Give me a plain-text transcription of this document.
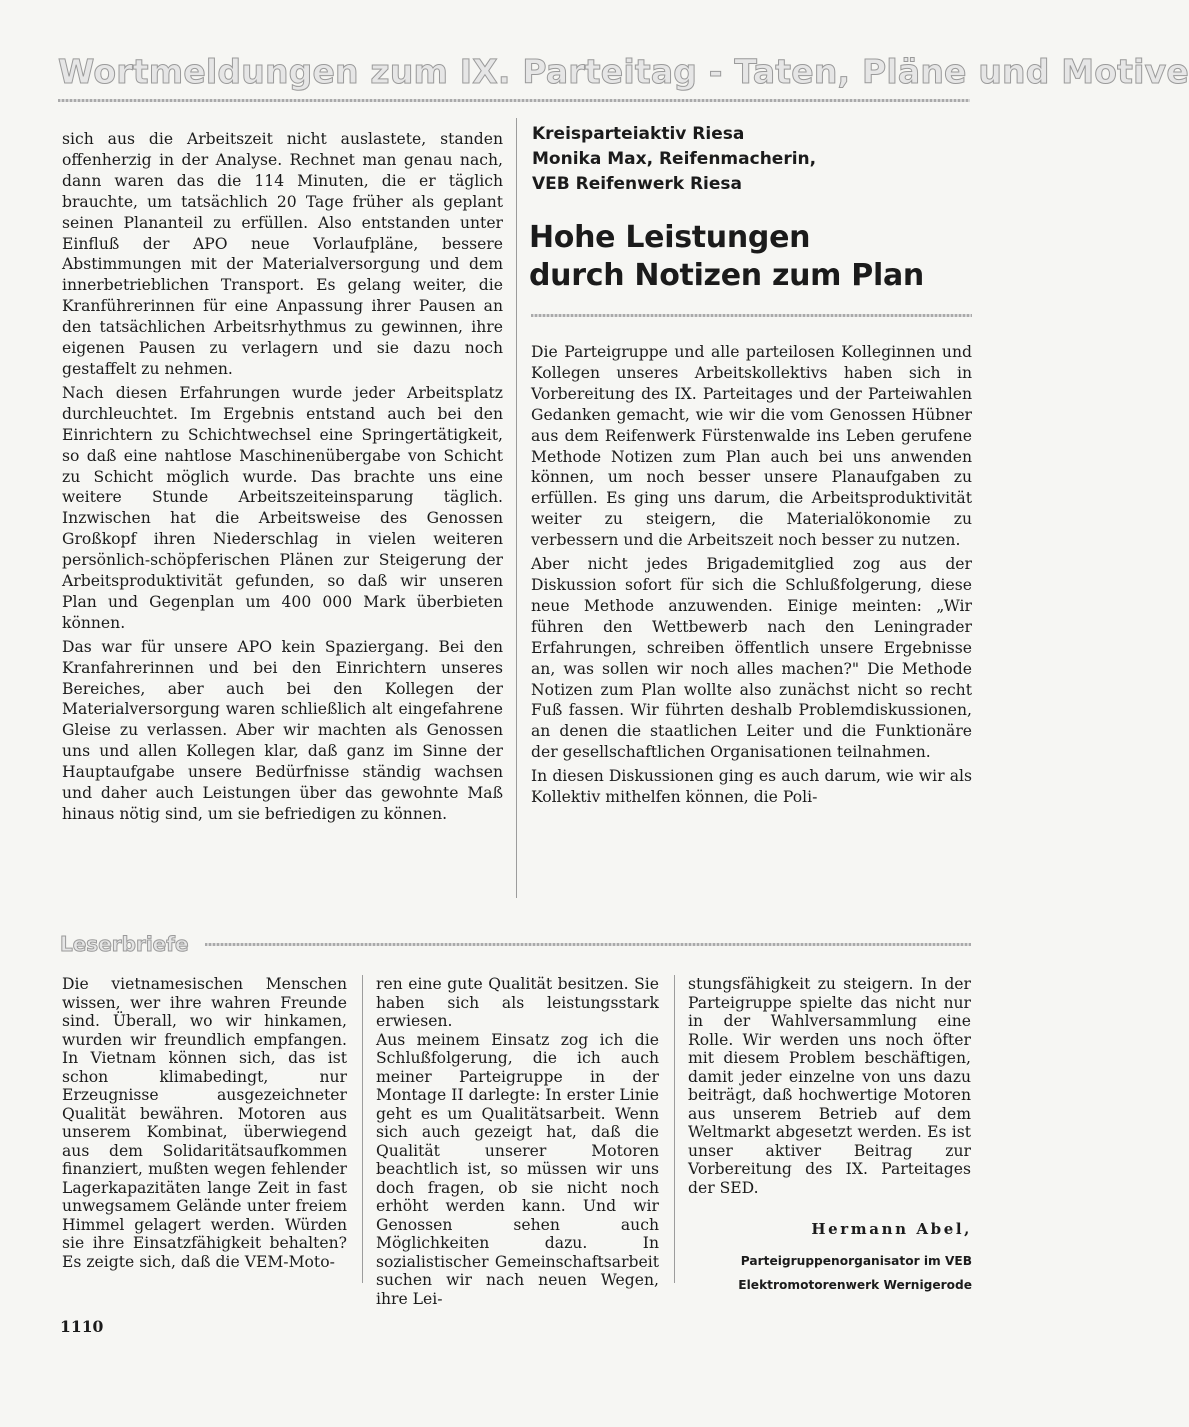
Wortmeldungen zum IX. Parteitag - Taten, Pläne und Motive

sich aus die Arbeitszeit nicht auslastete, standen offenherzig in der Analyse. Rechnet man genau nach, dann waren das die 114 Minuten, die er täglich brauchte, um tatsächlich 20 Tage früher als geplant seinen Plananteil zu erfüllen. Also entstanden unter Einfluß der APO neue Vorlaufpläne, bessere Abstimmungen mit der Materialversorgung und dem innerbetrieblichen Transport. Es gelang weiter, die Kranführerinnen für eine Anpassung ihrer Pausen an den tatsächlichen Arbeitsrhythmus zu gewinnen, ihre eigenen Pausen zu verlagern und sie dazu noch gestaffelt zu nehmen.

Nach diesen Erfahrungen wurde jeder Arbeitsplatz durchleuchtet. Im Ergebnis entstand auch bei den Einrichtern zu Schichtwechsel eine Springertätigkeit, so daß eine nahtlose Maschinenübergabe von Schicht zu Schicht möglich wurde. Das brachte uns eine weitere Stunde Arbeitszeiteinsparung täglich. Inzwischen hat die Arbeitsweise des Genossen Großkopf ihren Niederschlag in vielen weiteren persönlich-schöpferischen Plänen zur Steigerung der Arbeitsproduktivität gefunden, so daß wir unseren Plan und Gegenplan um 400 000 Mark überbieten können.

Das war für unsere APO kein Spaziergang. Bei den Kranfahrerinnen und bei den Einrichtern unseres Bereiches, aber auch bei den Kollegen der Materialversorgung waren schließlich alt eingefahrene Gleise zu verlassen. Aber wir machten als Genossen uns und allen Kollegen klar, daß ganz im Sinne der Hauptaufgabe unsere Bedürfnisse ständig wachsen und daher auch Leistungen über das gewohnte Maß hinaus nötig sind, um sie befriedigen zu können.

Kreisparteiaktiv Riesa
Monika Max, Reifenmacherin,
VEB Reifenwerk Riesa
Hohe Leistungen
durch Notizen zum Plan

Die Parteigruppe und alle parteilosen Kolleginnen und Kollegen unseres Arbeitskollektivs haben sich in Vorbereitung des IX. Parteitages und der Parteiwahlen Gedanken gemacht, wie wir die vom Genossen Hübner aus dem Reifenwerk Fürstenwalde ins Leben gerufene Methode Notizen zum Plan auch bei uns anwenden können, um noch besser unsere Planaufgaben zu erfüllen. Es ging uns darum, die Arbeitsproduktivität weiter zu steigern, die Materialökonomie zu verbessern und die Arbeitszeit noch besser zu nutzen.

Aber nicht jedes Brigademitglied zog aus der Diskussion sofort für sich die Schlußfolgerung, diese neue Methode anzuwenden. Einige meinten: „Wir führen den Wettbewerb nach den Leningrader Erfahrungen, schreiben öffentlich unsere Ergebnisse an, was sollen wir noch alles machen?" Die Methode Notizen zum Plan wollte also zunächst nicht so recht Fuß fassen. Wir führten deshalb Problemdiskussionen, an denen die staatlichen Leiter und die Funktionäre der gesellschaftlichen Organisationen teilnahmen.

In diesen Diskussionen ging es auch darum, wie wir als Kollektiv mithelfen können, die Poli-

Leserbriefe

Die vietnamesischen Menschen wissen, wer ihre wahren Freunde sind. Überall, wo wir hinkamen, wurden wir freundlich empfangen. In Vietnam können sich, das ist schon klimabedingt, nur Erzeugnisse ausgezeichneter Qualität bewähren. Motoren aus unserem Kombinat, überwiegend aus dem Solidaritätsaufkommen finanziert, mußten wegen fehlender Lagerkapazitäten lange Zeit in fast unwegsamem Gelände unter freiem Himmel gelagert werden. Würden sie ihre Einsatzfähigkeit behalten? Es zeigte sich, daß die VEM-Moto-

ren eine gute Qualität besitzen. Sie haben sich als leistungsstark erwiesen.

Aus meinem Einsatz zog ich die Schlußfolgerung, die ich auch meiner Parteigruppe in der Montage II darlegte: In erster Linie geht es um Qualitätsarbeit. Wenn sich auch gezeigt hat, daß die Qualität unserer Motoren beachtlich ist, so müssen wir uns doch fragen, ob sie nicht noch erhöht werden kann. Und wir Genossen sehen auch Möglichkeiten dazu. In sozialistischer Gemeinschaftsarbeit suchen wir nach neuen Wegen, ihre Lei-

stungsfähigkeit zu steigern. In der Parteigruppe spielte das nicht nur in der Wahlversammlung eine Rolle. Wir werden uns noch öfter mit diesem Problem beschäftigen, damit jeder einzelne von uns dazu beiträgt, daß hochwertige Motoren aus unserem Betrieb auf dem Weltmarkt abgesetzt werden. Es ist unser aktiver Beitrag zur Vorbereitung des IX. Parteitages der SED.

Hermann Abel,
Parteigruppenorganisator im VEB
Elektromotorenwerk Wernigerode
1110
